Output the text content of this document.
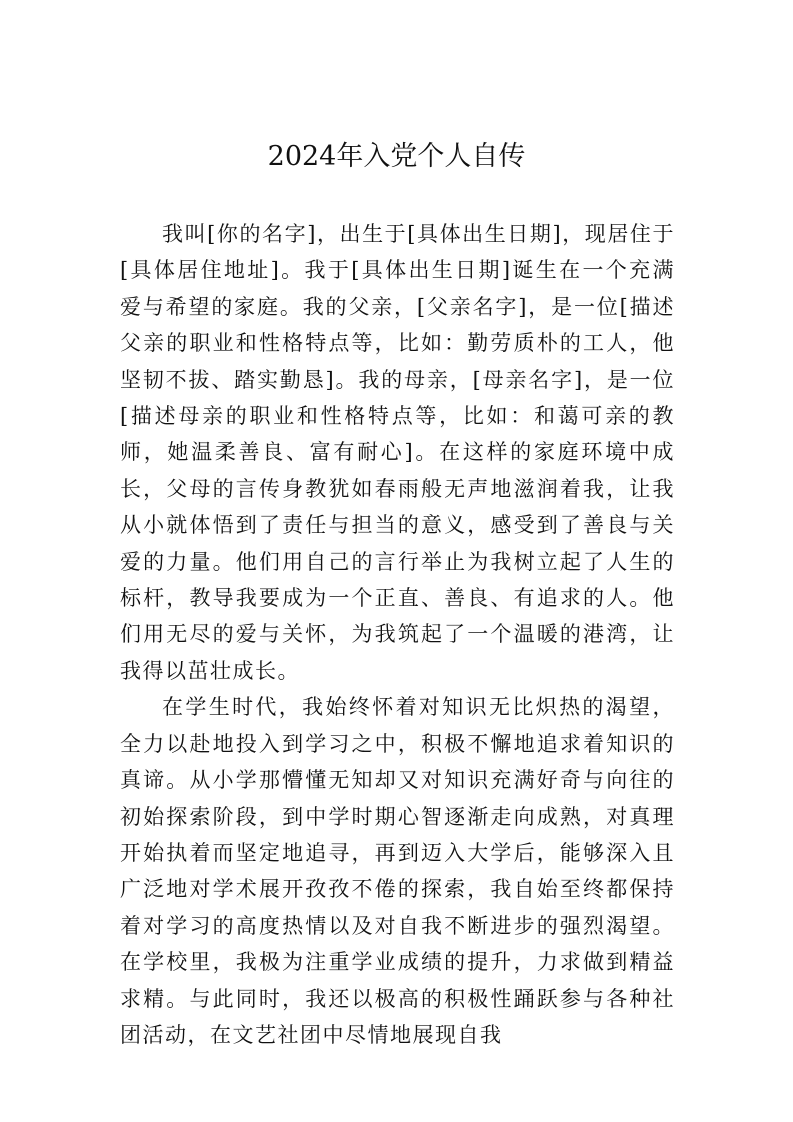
2024年入党个人自传

我叫[你的名字]，出生于[具体出生日期]，现居住于[具体居住地址]。我于[具体出生日期]诞生在一个充满爱与希望的家庭。我的父亲，[父亲名字]，是一位[描述父亲的职业和性格特点等，比如：勤劳质朴的工人，他坚韧不拔、踏实勤恳]。我的母亲，[母亲名字]，是一位[描述母亲的职业和性格特点等，比如：和蔼可亲的教师，她温柔善良、富有耐心]。在这样的家庭环境中成长，父母的言传身教犹如春雨般无声地滋润着我，让我从小就体悟到了责任与担当的意义，感受到了善良与关爱的力量。他们用自己的言行举止为我树立起了人生的标杆，教导我要成为一个正直、善良、有追求的人。他们用无尽的爱与关怀，为我筑起了一个温暖的港湾，让我得以茁壮成长。

在学生时代，我始终怀着对知识无比炽热的渴望，全力以赴地投入到学习之中，积极不懈地追求着知识的真谛。从小学那懵懂无知却又对知识充满好奇与向往的初始探索阶段，到中学时期心智逐渐走向成熟，对真理开始执着而坚定地追寻，再到迈入大学后，能够深入且广泛地对学术展开孜孜不倦的探索，我自始至终都保持着对学习的高度热情以及对自我不断进步的强烈渴望。在学校里，我极为注重学业成绩的提升，力求做到精益求精。与此同时，我还以极高的积极性踊跃参与各种社团活动，在文艺社团中尽情地展现自我
